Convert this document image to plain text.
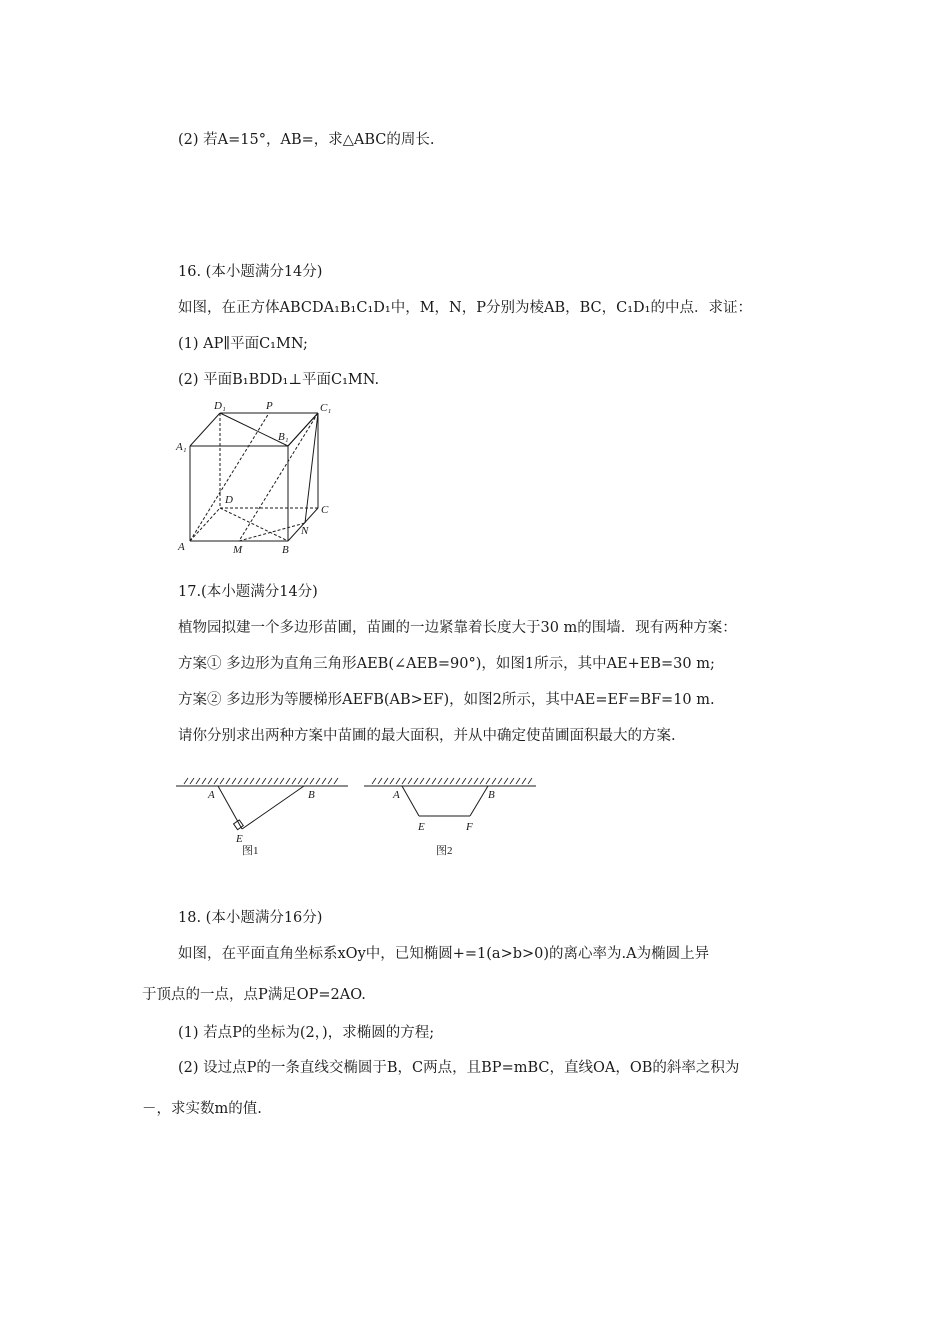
(2) 若A=15°，AB=，求△ABC的周长.
16. (本小题满分14分)
如图，在正方体ABCDA₁B₁C₁D₁中，M，N，P分别为棱AB，BC，C₁D₁的中点．求证：
(1) AP∥平面C₁MN;
(2) 平面B₁BDD₁⊥平面C₁MN.
D₁	P	C₁
B₁
A₁
D
C
N
A	M	B
17.(本小题满分14分)
植物园拟建一个多边形苗圃，苗圃的一边紧靠着长度大于30 m的围墙．现有两种方案：
方案① 多边形为直角三角形AEB(∠AEB=90°)，如图1所示，其中AE+EB=30 m;
方案② 多边形为等腰梯形AEFB(AB>EF)，如图2所示，其中AE=EF=BF=10 m.
请你分别求出两种方案中苗圃的最大面积，并从中确定使苗圃面积最大的方案.
A	B
E
图1
A	B
E	F
图2
18. (本小题满分16分)
如图，在平面直角坐标系xOy中，已知椭圆+=1(a>b>0)的离心率为.A为椭圆上异
于顶点的一点，点P满足OP=2AO.
(1) 若点P的坐标为(2，)，求椭圆的方程;
(2) 设过点P的一条直线交椭圆于B，C两点，且BP=mBC，直线OA，OB的斜率之积为
－，求实数m的值.
